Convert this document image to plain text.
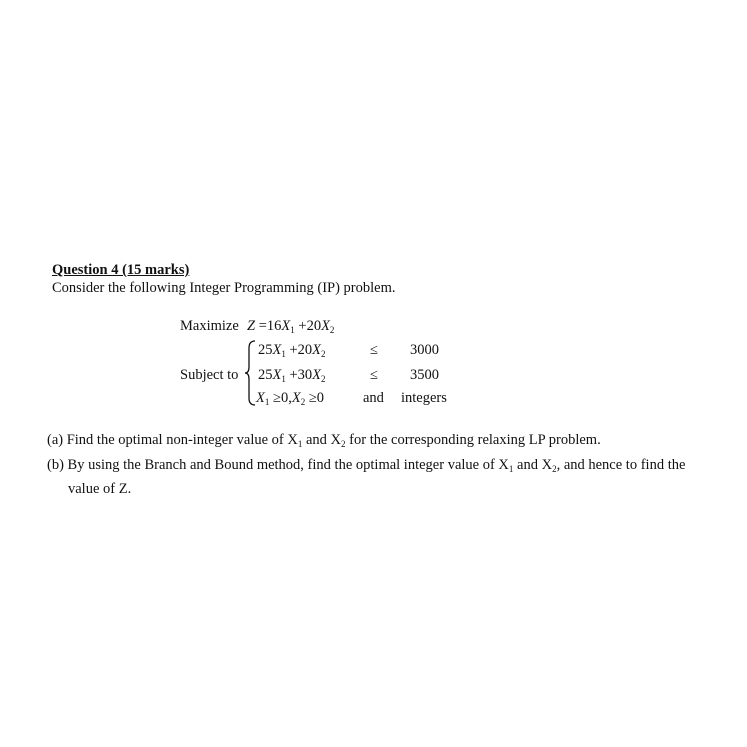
Question 4 (15 marks)
Consider the following Integer Programming (IP) problem.
Maximize $Z =16X_1 +20X_2$
Subject to
$25X_1 +20X_2$	≤ 3000
$25X_1 +30X_2$	≤ 3500
$X_1 \ge 0,X_2 \ge 0$	and integers
(a) Find the optimal non-integer value of $X_1$ and $X_2$ for the corresponding relaxing LP problem.
(b) By using the Branch and Bound method, find the optimal integer value of $X_1$ and $X_2$, and hence to find the
value of Z.
